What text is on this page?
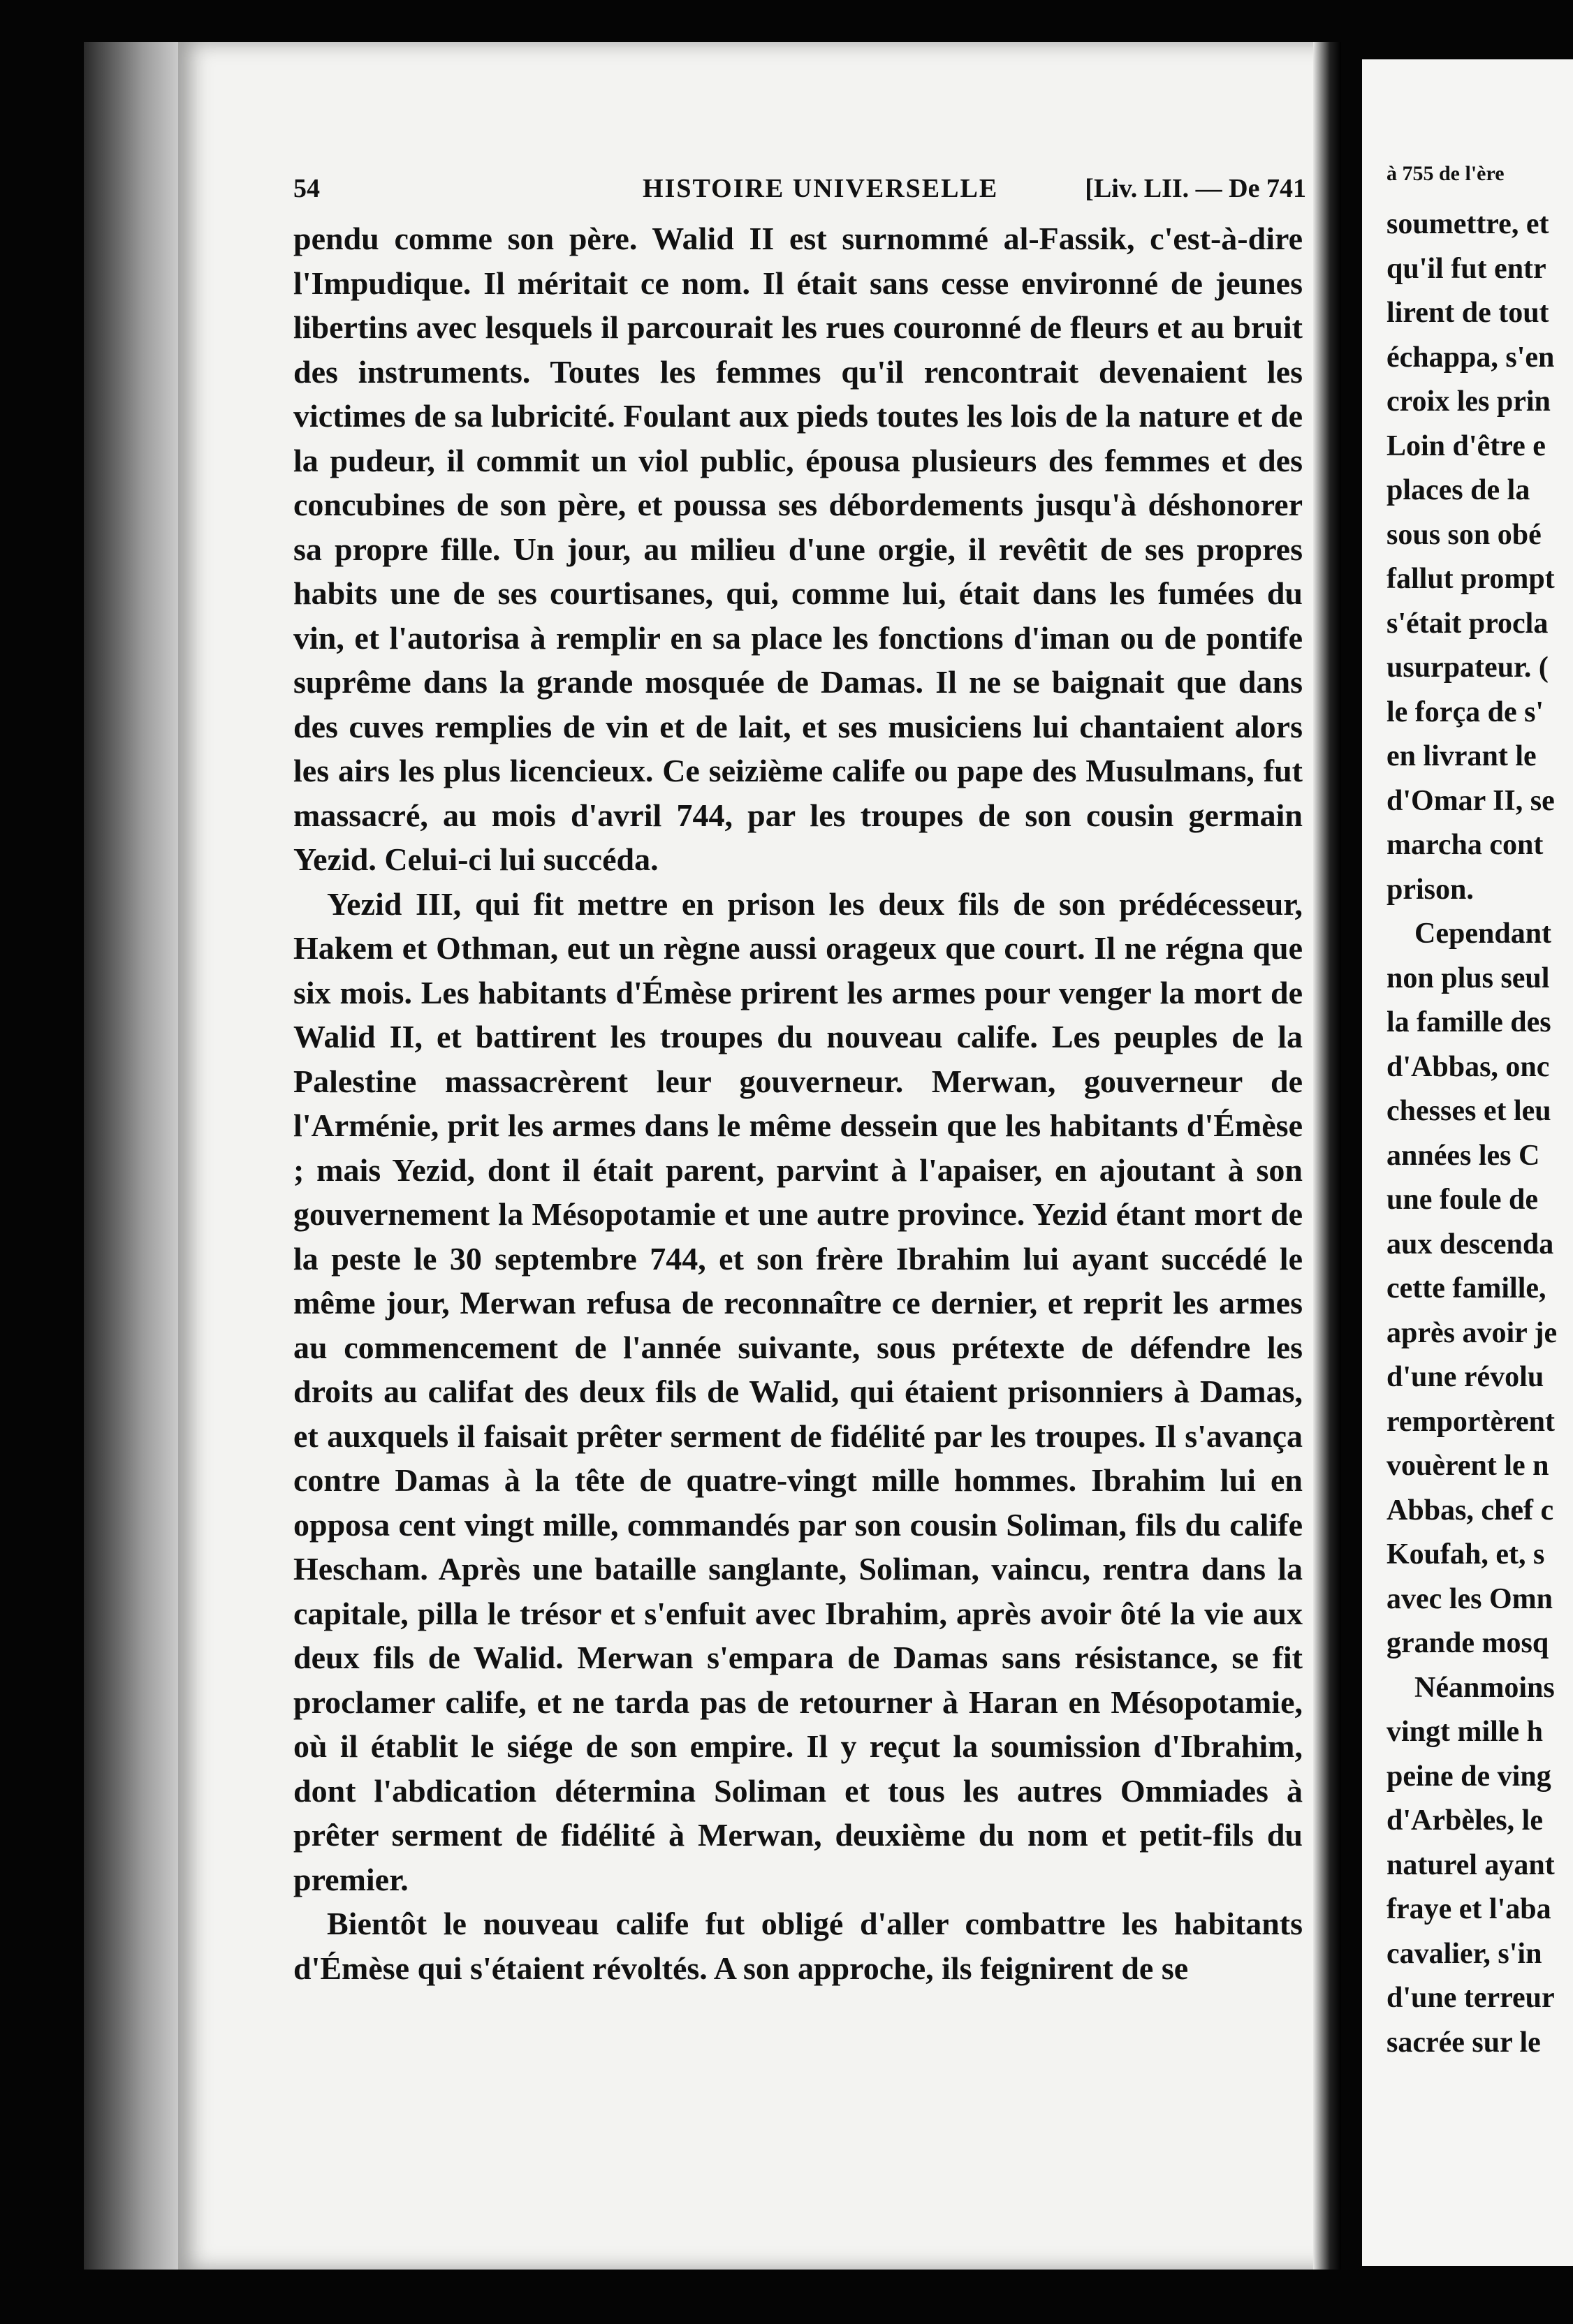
54	HISTOIRE UNIVERSELLE	[Liv. LII. — De 741

pendu comme son père. Walid II est surnommé al-Fassik, c'est-à-dire l'Impudique. Il méritait ce nom. Il était sans cesse environné de jeunes libertins avec lesquels il parcourait les rues couronné de fleurs et au bruit des instruments. Toutes les femmes qu'il rencontrait devenaient les victimes de sa lubricité. Foulant aux pieds toutes les lois de la nature et de la pudeur, il commit un viol public, épousa plusieurs des femmes et des concubines de son père, et poussa ses débordements jusqu'à déshonorer sa propre fille. Un jour, au milieu d'une orgie, il revêtit de ses propres habits une de ses courtisanes, qui, comme lui, était dans les fumées du vin, et l'autorisa à remplir en sa place les fonctions d'iman ou de pontife suprême dans la grande mosquée de Damas. Il ne se baignait que dans des cuves remplies de vin et de lait, et ses musiciens lui chantaient alors les airs les plus licencieux. Ce seizième calife ou pape des Musulmans, fut massacré, au mois d'avril 744, par les troupes de son cousin germain Yezid. Celui-ci lui succéda.

Yezid III, qui fit mettre en prison les deux fils de son prédécesseur, Hakem et Othman, eut un règne aussi orageux que court. Il ne régna que six mois. Les habitants d'Émèse prirent les armes pour venger la mort de Walid II, et battirent les troupes du nouveau calife. Les peuples de la Palestine massacrèrent leur gouverneur. Merwan, gouverneur de l'Arménie, prit les armes dans le même dessein que les habitants d'Émèse ; mais Yezid, dont il était parent, parvint à l'apaiser, en ajoutant à son gouvernement la Mésopotamie et une autre province. Yezid étant mort de la peste le 30 septembre 744, et son frère Ibrahim lui ayant succédé le même jour, Merwan refusa de reconnaître ce dernier, et reprit les armes au commencement de l'année suivante, sous prétexte de défendre les droits au califat des deux fils de Walid, qui étaient prisonniers à Damas, et auxquels il faisait prêter serment de fidélité par les troupes. Il s'avança contre Damas à la tête de quatre-vingt mille hommes. Ibrahim lui en opposa cent vingt mille, commandés par son cousin Soliman, fils du calife Hescham. Après une bataille sanglante, Soliman, vaincu, rentra dans la capitale, pilla le trésor et s'enfuit avec Ibrahim, après avoir ôté la vie aux deux fils de Walid. Merwan s'empara de Damas sans résistance, se fit proclamer calife, et ne tarda pas de retourner à Haran en Mésopotamie, où il établit le siége de son empire. Il y reçut la soumission d'Ibrahim, dont l'abdication détermina Soliman et tous les autres Ommiades à prêter serment de fidélité à Merwan, deuxième du nom et petit-fils du premier.

Bientôt le nouveau calife fut obligé d'aller combattre les habitants d'Émèse qui s'étaient révoltés. A son approche, ils feignirent de se

à 755 de l'ère
soumettre, et
qu'il fut entr
lirent de tout
échappa, s'en
croix les prin
Loin d'être e
places de la
sous son obé
fallut prompt
s'était procla
usurpateur. (
le força de s'
en livrant le
d'Omar II, se
marcha cont
prison.
Cependant
non plus seul
la famille des
d'Abbas, onc
chesses et leu
années les C
une foule de
aux descenda
cette famille,
après avoir je
d'une révolu
remportèrent
vouèrent le n
Abbas, chef c
Koufah, et, s
avec les Omn
grande mosq
Néanmoins
vingt mille h
peine de ving
d'Arbèles, le
naturel ayant
fraye et l'aba
cavalier, s'in
d'une terreur
sacrée sur le
